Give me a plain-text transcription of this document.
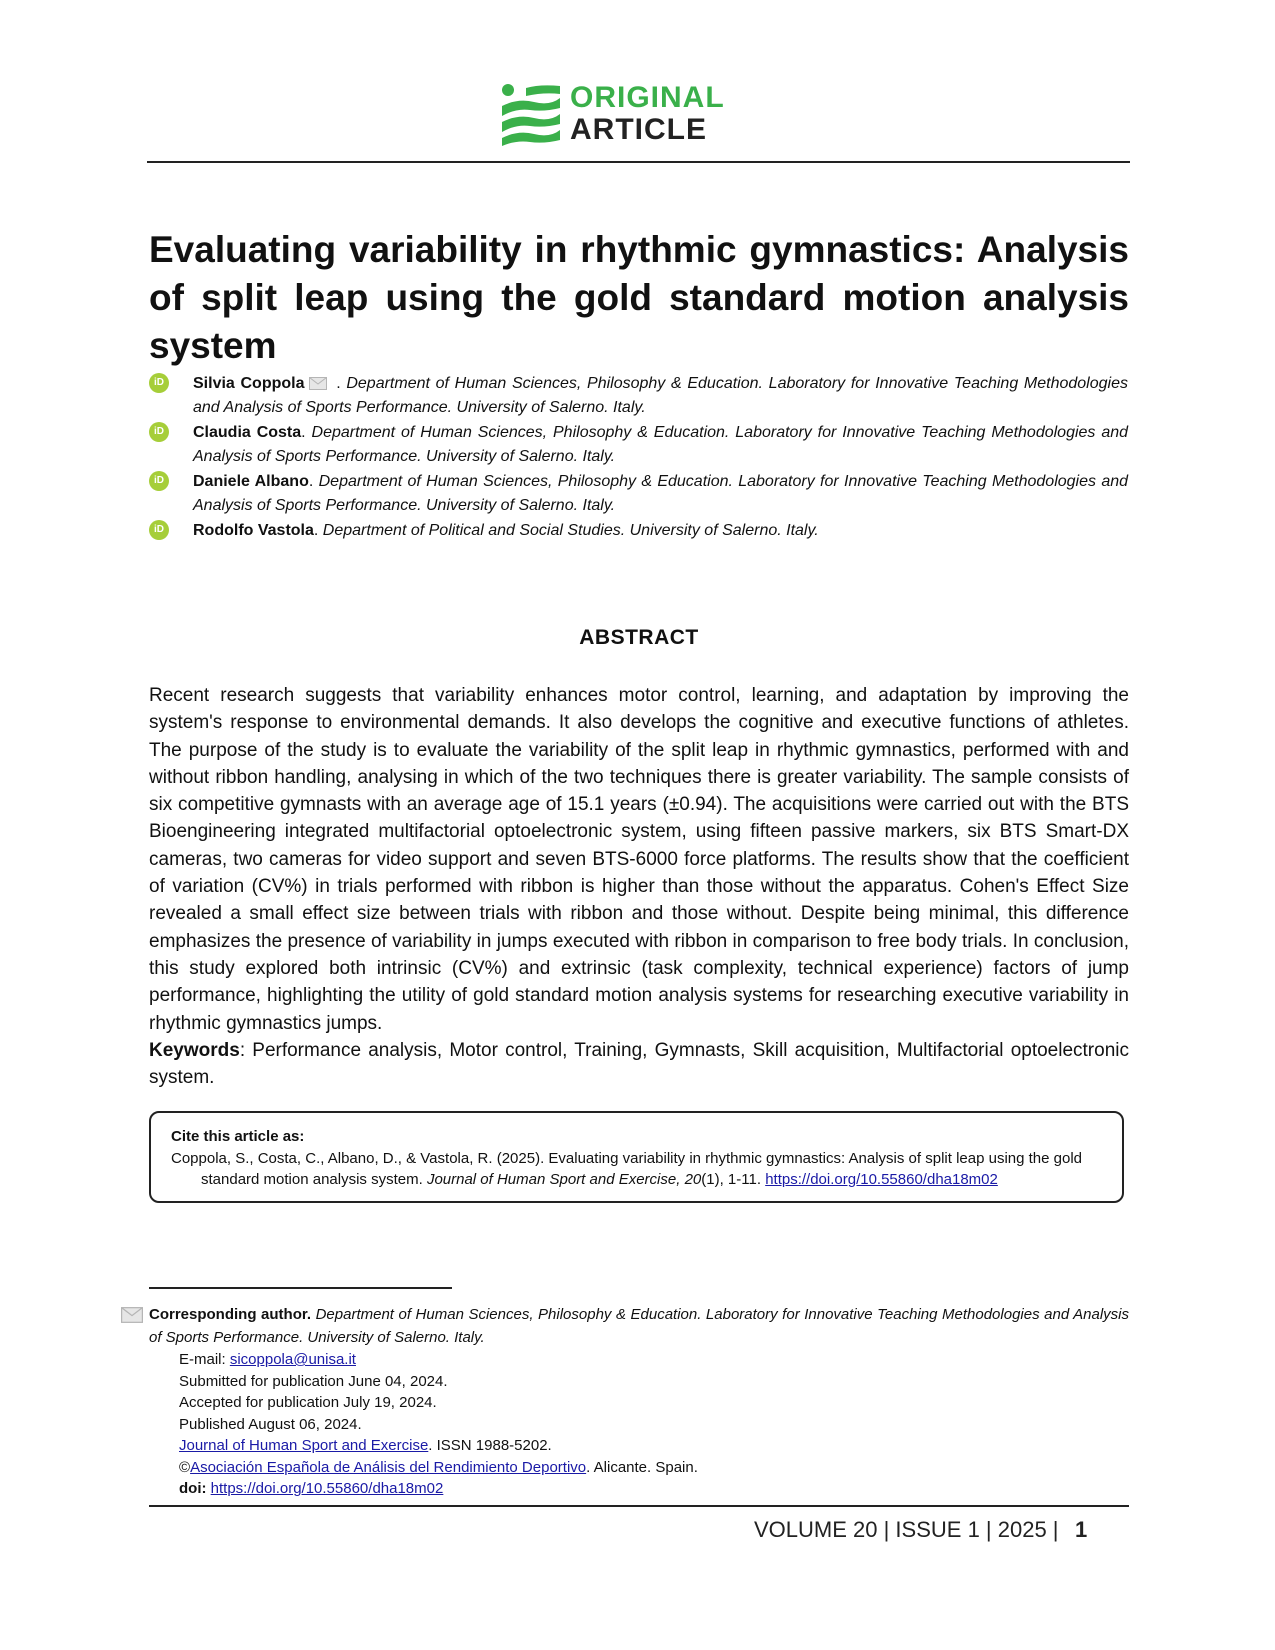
ORIGINAL
ARTICLE
Evaluating variability in rhythmic gymnastics: Analysis of split leap using the gold standard motion analysis system
iD	Silvia Coppola . Department of Human Sciences, Philosophy & Education. Laboratory for Innovative Teaching Methodologies and Analysis of Sports Performance. University of Salerno. Italy.
iD	Claudia Costa. Department of Human Sciences, Philosophy & Education. Laboratory for Innovative Teaching Methodologies and Analysis of Sports Performance. University of Salerno. Italy.
iD	Daniele Albano. Department of Human Sciences, Philosophy & Education. Laboratory for Innovative Teaching Methodologies and Analysis of Sports Performance. University of Salerno. Italy.
iD	Rodolfo Vastola. Department of Political and Social Studies. University of Salerno. Italy.
ABSTRACT

Recent research suggests that variability enhances motor control, learning, and adaptation by improving the system's response to environmental demands. It also develops the cognitive and executive functions of athletes. The purpose of the study is to evaluate the variability of the split leap in rhythmic gymnastics, performed with and without ribbon handling, analysing in which of the two techniques there is greater variability. The sample consists of six competitive gymnasts with an average age of 15.1 years (±0.94). The acquisitions were carried out with the BTS Bioengineering integrated multifactorial optoelectronic system, using fifteen passive markers, six BTS Smart-DX cameras, two cameras for video support and seven BTS-6000 force platforms. The results show that the coefficient of variation (CV%) in trials performed with ribbon is higher than those without the apparatus. Cohen's Effect Size revealed a small effect size between trials with ribbon and those without. Despite being minimal, this difference emphasizes the presence of variability in jumps executed with ribbon in comparison to free body trials. In conclusion, this study explored both intrinsic (CV%) and extrinsic (task complexity, technical experience) factors of jump performance, highlighting the utility of gold standard motion analysis systems for researching executive variability in rhythmic gymnastics jumps.

Keywords: Performance analysis, Motor control, Training, Gymnasts, Skill acquisition, Multifactorial optoelectronic system.

Cite this article as:
Coppola, S., Costa, C., Albano, D., & Vastola, R. (2025). Evaluating variability in rhythmic gymnastics: Analysis of split leap using the gold standard motion analysis system. Journal of Human Sport and Exercise, 20(1), 1-11. https://doi.org/10.55860/dha18m02
Corresponding author. Department of Human Sciences, Philosophy & Education. Laboratory for Innovative Teaching Methodologies and Analysis of Sports Performance. University of Salerno. Italy.
E-mail: sicoppola@unisa.it
Submitted for publication June 04, 2024.
Accepted for publication July 19, 2024.
Published August 06, 2024.
Journal of Human Sport and Exercise. ISSN 1988-5202.
©Asociación Española de Análisis del Rendimiento Deportivo. Alicante. Spain.
doi: https://doi.org/10.55860/dha18m02
VOLUME 20 | ISSUE 1 | 2025 | 1
